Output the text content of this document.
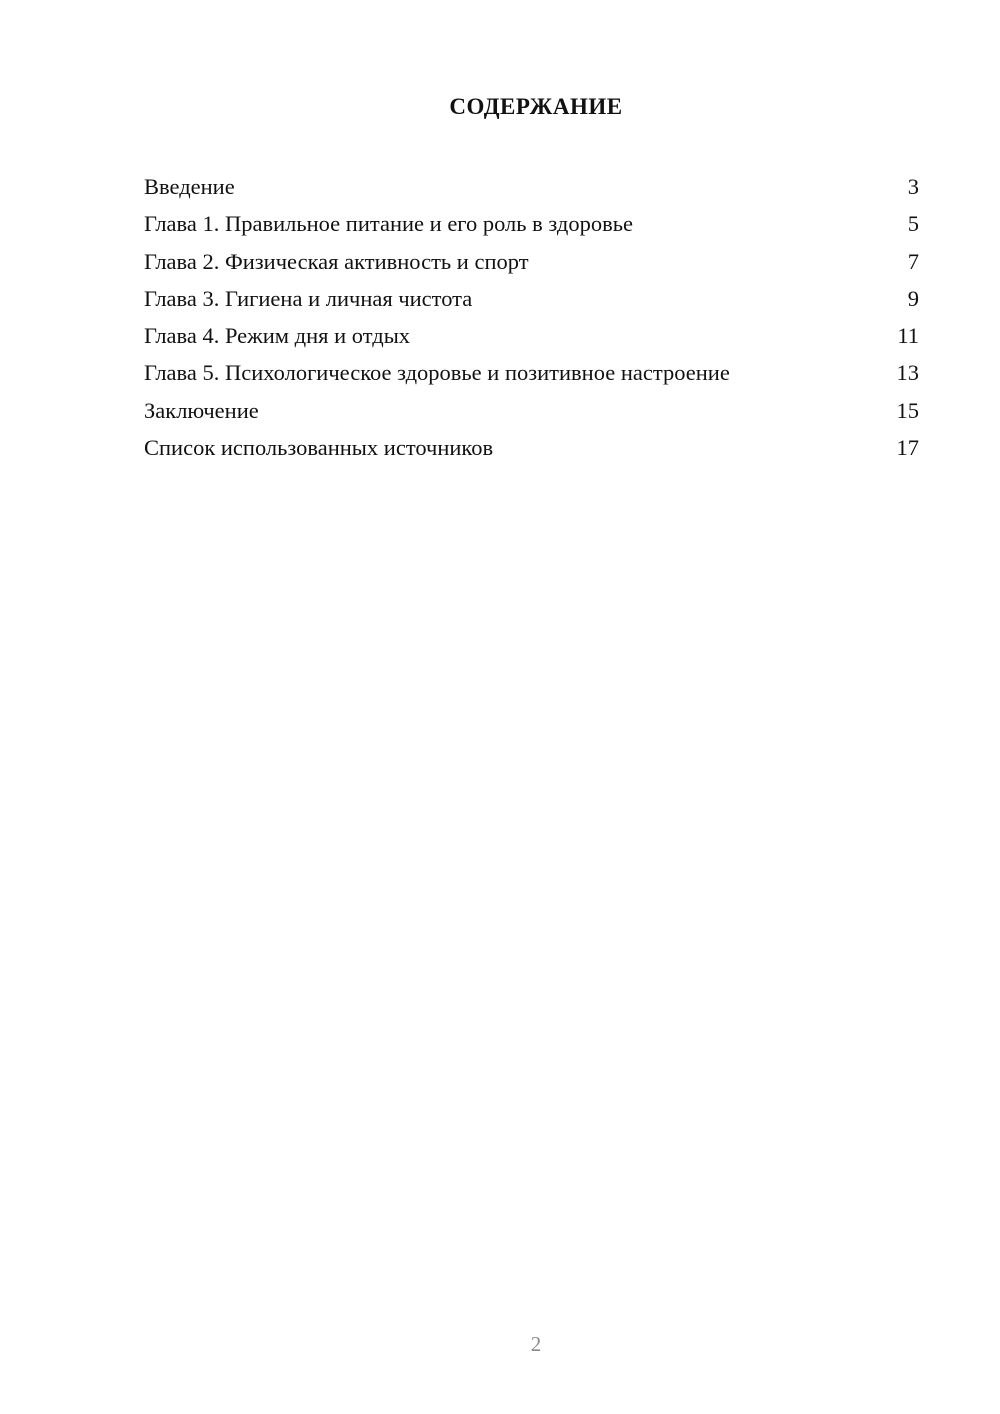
СОДЕРЖАНИЕ
Введение	3
Глава 1. Правильное питание и его роль в здоровье	5
Глава 2. Физическая активность и спорт	7
Глава 3. Гигиена и личная чистота	9
Глава 4. Режим дня и отдых	11
Глава 5. Психологическое здоровье и позитивное настроение	13
Заключение	15
Список использованных источников	17
2
